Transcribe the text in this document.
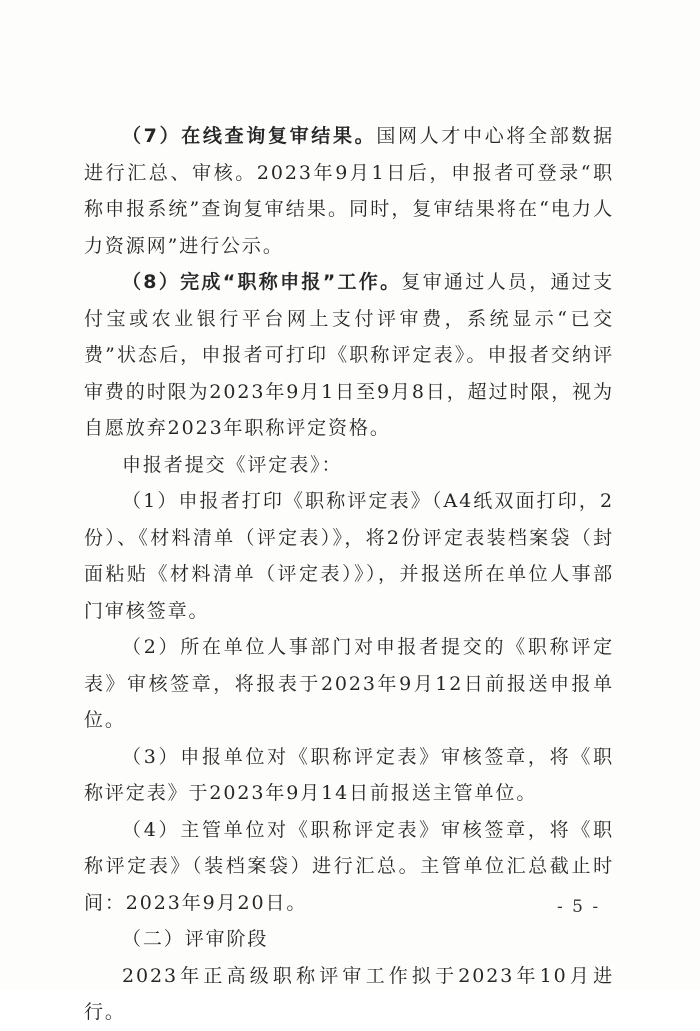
（7）在线查询复审结果。国网人才中心将全部数据进行汇总、审核。2023年9月1日后，申报者可登录“职称申报系统”查询复审结果。同时，复审结果将在“电力人力资源网”进行公示。

（8）完成“职称申报”工作。复审通过人员，通过支付宝或农业银行平台网上支付评审费，系统显示“已交费”状态后，申报者可打印《职称评定表》。申报者交纳评审费的时限为2023年9月1日至9月8日，超过时限，视为自愿放弃2023年职称评定资格。

申报者提交《评定表》：

（1）申报者打印《职称评定表》（A4纸双面打印，2份）、《材料清单（评定表）》，将2份评定表装档案袋（封面粘贴《材料清单（评定表）》），并报送所在单位人事部门审核签章。

（2）所在单位人事部门对申报者提交的《职称评定表》审核签章，将报表于2023年9月12日前报送申报单位。

（3）申报单位对《职称评定表》审核签章，将《职称评定表》于2023年9月14日前报送主管单位。

（4）主管单位对《职称评定表》审核签章，将《职称评定表》（装档案袋）进行汇总。主管单位汇总截止时间：2023年9月20日。

（二）评审阶段

2023年正高级职称评审工作拟于2023年10月进行。

- 5 -
